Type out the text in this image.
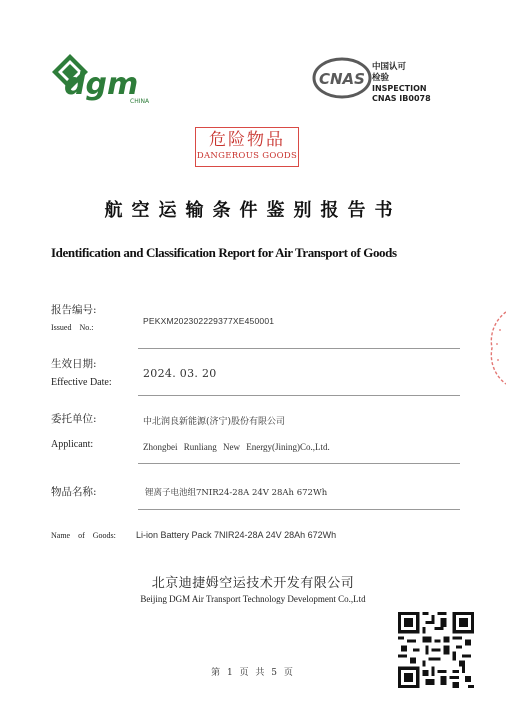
dgm
CHINA
CNAS
中国认可
检验
INSPECTION
CNAS IB0078
危险物品
DANGEROUS GOODS
航空运输条件鉴别报告书
Identification and Classification Report for Air Transport of Goods
报告编号:
Issued    No.:
PEKXM202302229377XE450001
生效日期:
Effective Date:
2024. 03. 20
委托单位:
Applicant:
中北润良新能源(济宁)股份有限公司
Zhongbei Runliang New Energy(Jining)Co.,Ltd.
物品名称:	锂离子电池组7NIR24-28A 24V 28Ah 672Wh
Name  of  Goods: Li-ion Battery Pack 7NIR24-28A 24V 28Ah 672Wh
北京迪捷姆空运技术开发有限公司
Beijing DGM Air Transport Technology Development Co.,Ltd
第 1 页 共 5 页
